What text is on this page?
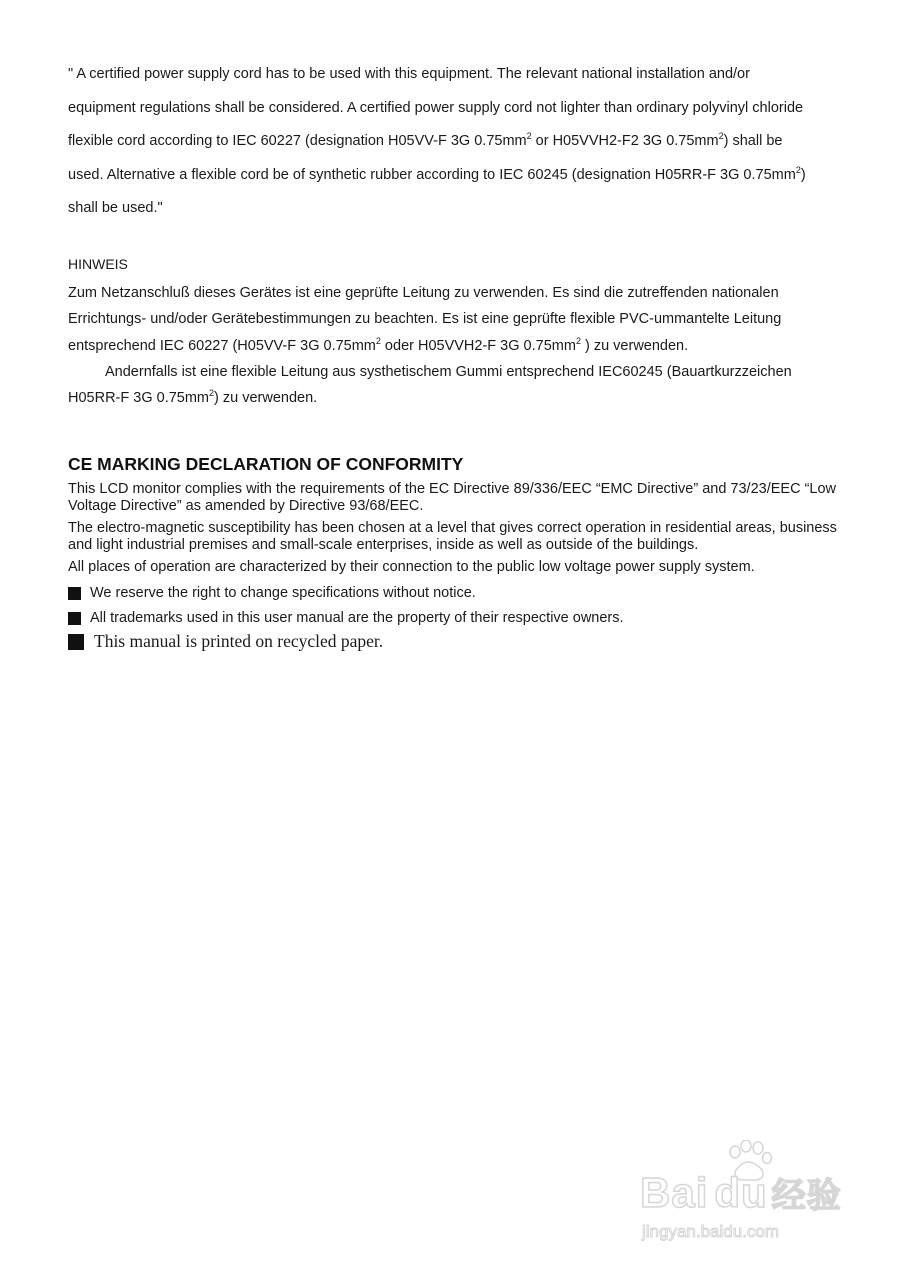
" A certified power supply cord has to be used with this equipment. The relevant national installation and/or
equipment regulations shall be considered. A certified power supply cord not lighter than ordinary polyvinyl chloride
flexible cord according to IEC 60227 (designation H05VV-F 3G $0.75mm^2$ or H05VVH2-F2 3G $0.75mm^2$) shall be
used. Alternative a flexible cord be of synthetic rubber according to IEC 60245 (designation H05RR-F 3G $0.75mm^2$)
shall be used."
HINWEIS
Zum Netzanschluß dieses Gerätes ist eine geprüfte Leitung zu verwenden. Es sind die zutreffenden nationalen
Errichtungs- und/oder Gerätebestimmungen zu beachten. Es ist eine geprüfte flexible PVC-ummantelte Leitung
entsprechend IEC 60227 (H05VV-F 3G $0.75mm^2$ oder H05VVH2-F 3G $0.75mm^2$ ) zu verwenden.
Andernfalls ist eine flexible Leitung aus systhetischem Gummi entsprechend IEC60245 (Bauartkurzzeichen
H05RR-F 3G $0.75mm^2$) zu verwenden.
CE MARKING DECLARATION OF CONFORMITY

This LCD monitor complies with the requirements of the EC Directive 89/336/EEC “EMC Directive” and 73/23/EEC “Low Voltage Directive” as amended by Directive 93/68/EEC.

The electro-magnetic susceptibility has been chosen at a level that gives correct operation in residential areas, business and light industrial premises and small-scale enterprises, inside as well as outside of the buildings.

All places of operation are characterized by their connection to the public low voltage power supply system.

We reserve the right to change specifications without notice.
All trademarks used in this user manual are the property of their respective owners.
This manual is printed on recycled paper.
Bai du 经验
jingyan.baidu.com
